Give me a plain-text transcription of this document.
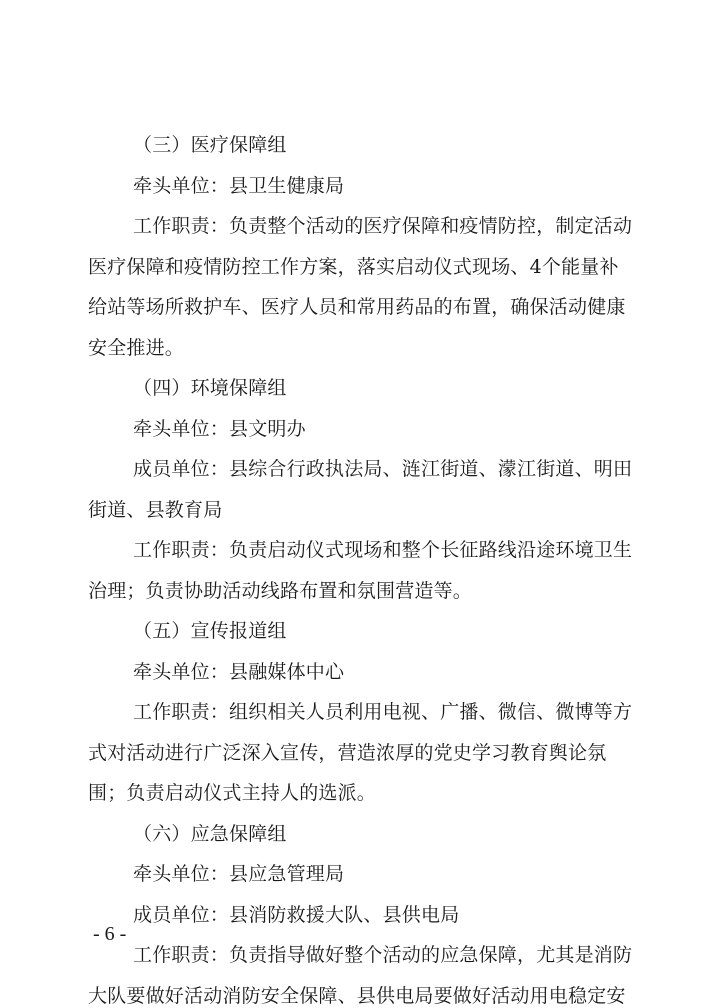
（三）医疗保障组
牵头单位：县卫生健康局
工作职责：负责整个活动的医疗保障和疫情防控，制定活动
医疗保障和疫情防控工作方案，落实启动仪式现场、4个能量补
给站等场所救护车、医疗人员和常用药品的布置，确保活动健康
安全推进。
（四）环境保障组
牵头单位：县文明办
成员单位：县综合行政执法局、涟江街道、濛江街道、明田
街道、县教育局
工作职责：负责启动仪式现场和整个长征路线沿途环境卫生
治理；负责协助活动线路布置和氛围营造等。
（五）宣传报道组
牵头单位：县融媒体中心
工作职责：组织相关人员利用电视、广播、微信、微博等方
式对活动进行广泛深入宣传，营造浓厚的党史学习教育舆论氛
围；负责启动仪式主持人的选派。
（六）应急保障组
牵头单位：县应急管理局
成员单位：县消防救援大队、县供电局
工作职责：负责指导做好整个活动的应急保障，尤其是消防
大队要做好活动消防安全保障、县供电局要做好活动用电稳定安
- 6 -
